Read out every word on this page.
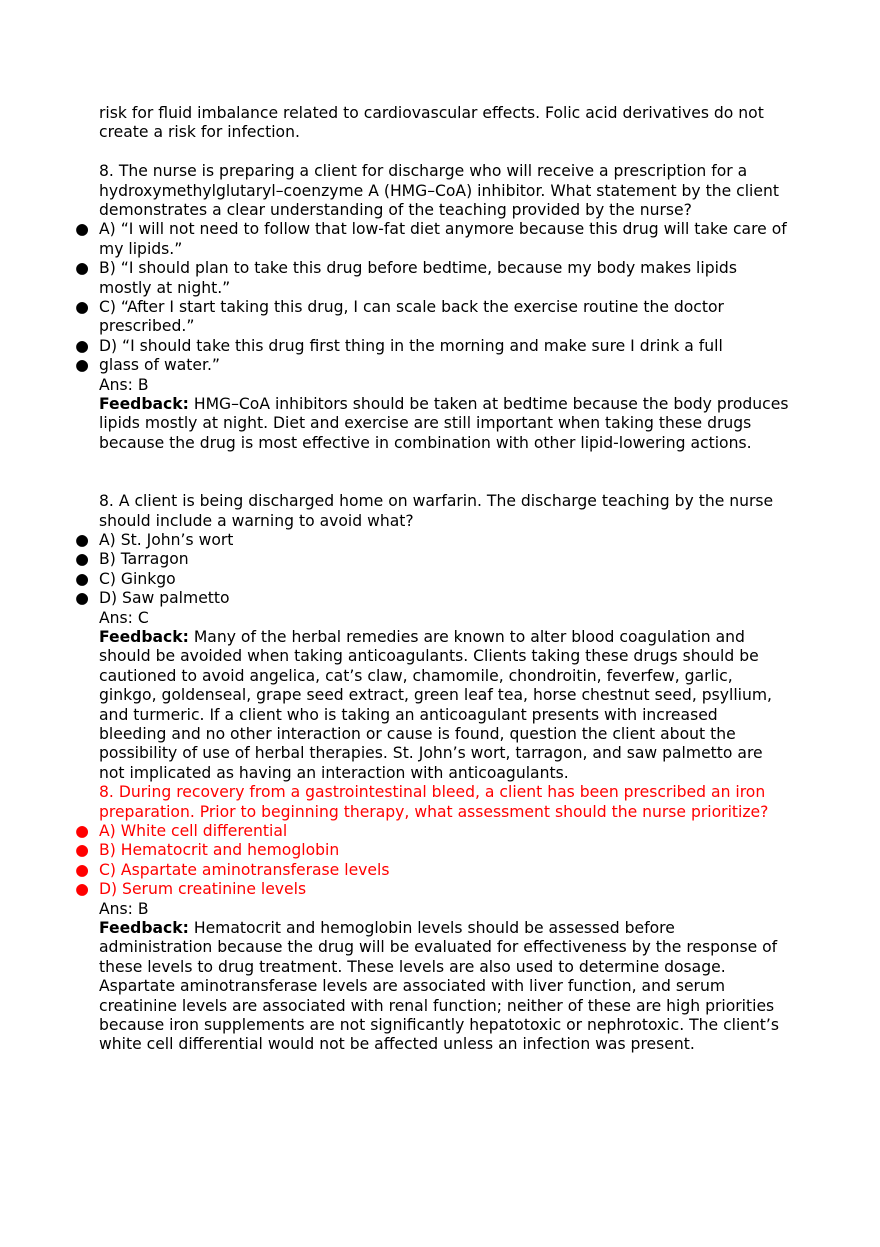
risk for fluid imbalance related to cardiovascular effects. Folic acid derivatives do not create a risk for infection.

8. The nurse is preparing a client for discharge who will receive a prescription for a hydroxymethylglutaryl–coenzyme A (HMG–CoA) inhibitor. What statement by the client demonstrates a clear understanding of the teaching provided by the nurse?

● A) “I will not need to follow that low-fat diet anymore because this drug will take care of my lipids.”
● B) “I should plan to take this drug before bedtime, because my body makes lipids mostly at night.”
● C) “After I start taking this drug, I can scale back the exercise routine the doctor prescribed.”
● D) “I should take this drug first thing in the morning and make sure I drink a full
● glass of water.”

Ans: B

Feedback: HMG–CoA inhibitors should be taken at bedtime because the body produces lipids mostly at night. Diet and exercise are still important when taking these drugs because the drug is most effective in combination with other lipid-lowering actions.

8. A client is being discharged home on warfarin. The discharge teaching by the nurse should include a warning to avoid what?

● A) St. John’s wort
● B) Tarragon
● C) Ginkgo
● D) Saw palmetto

Ans: C

Feedback: Many of the herbal remedies are known to alter blood coagulation and should be avoided when taking anticoagulants. Clients taking these drugs should be cautioned to avoid angelica, cat’s claw, chamomile, chondroitin, feverfew, garlic, ginkgo, goldenseal, grape seed extract, green leaf tea, horse chestnut seed, psyllium, and turmeric. If a client who is taking an anticoagulant presents with increased bleeding and no other interaction or cause is found, question the client about the possibility of use of herbal therapies. St. John’s wort, tarragon, and saw palmetto are not implicated as having an interaction with anticoagulants.

8. During recovery from a gastrointestinal bleed, a client has been prescribed an iron preparation. Prior to beginning therapy, what assessment should the nurse prioritize?

● A) White cell differential
● B) Hematocrit and hemoglobin
● C) Aspartate aminotransferase levels
● D) Serum creatinine levels

Ans: B

Feedback: Hematocrit and hemoglobin levels should be assessed before administration because the drug will be evaluated for effectiveness by the response of these levels to drug treatment. These levels are also used to determine dosage. Aspartate aminotransferase levels are associated with liver function, and serum creatinine levels are associated with renal function; neither of these are high priorities because iron supplements are not significantly hepatotoxic or nephrotoxic. The client’s white cell differential would not be affected unless an infection was present.
